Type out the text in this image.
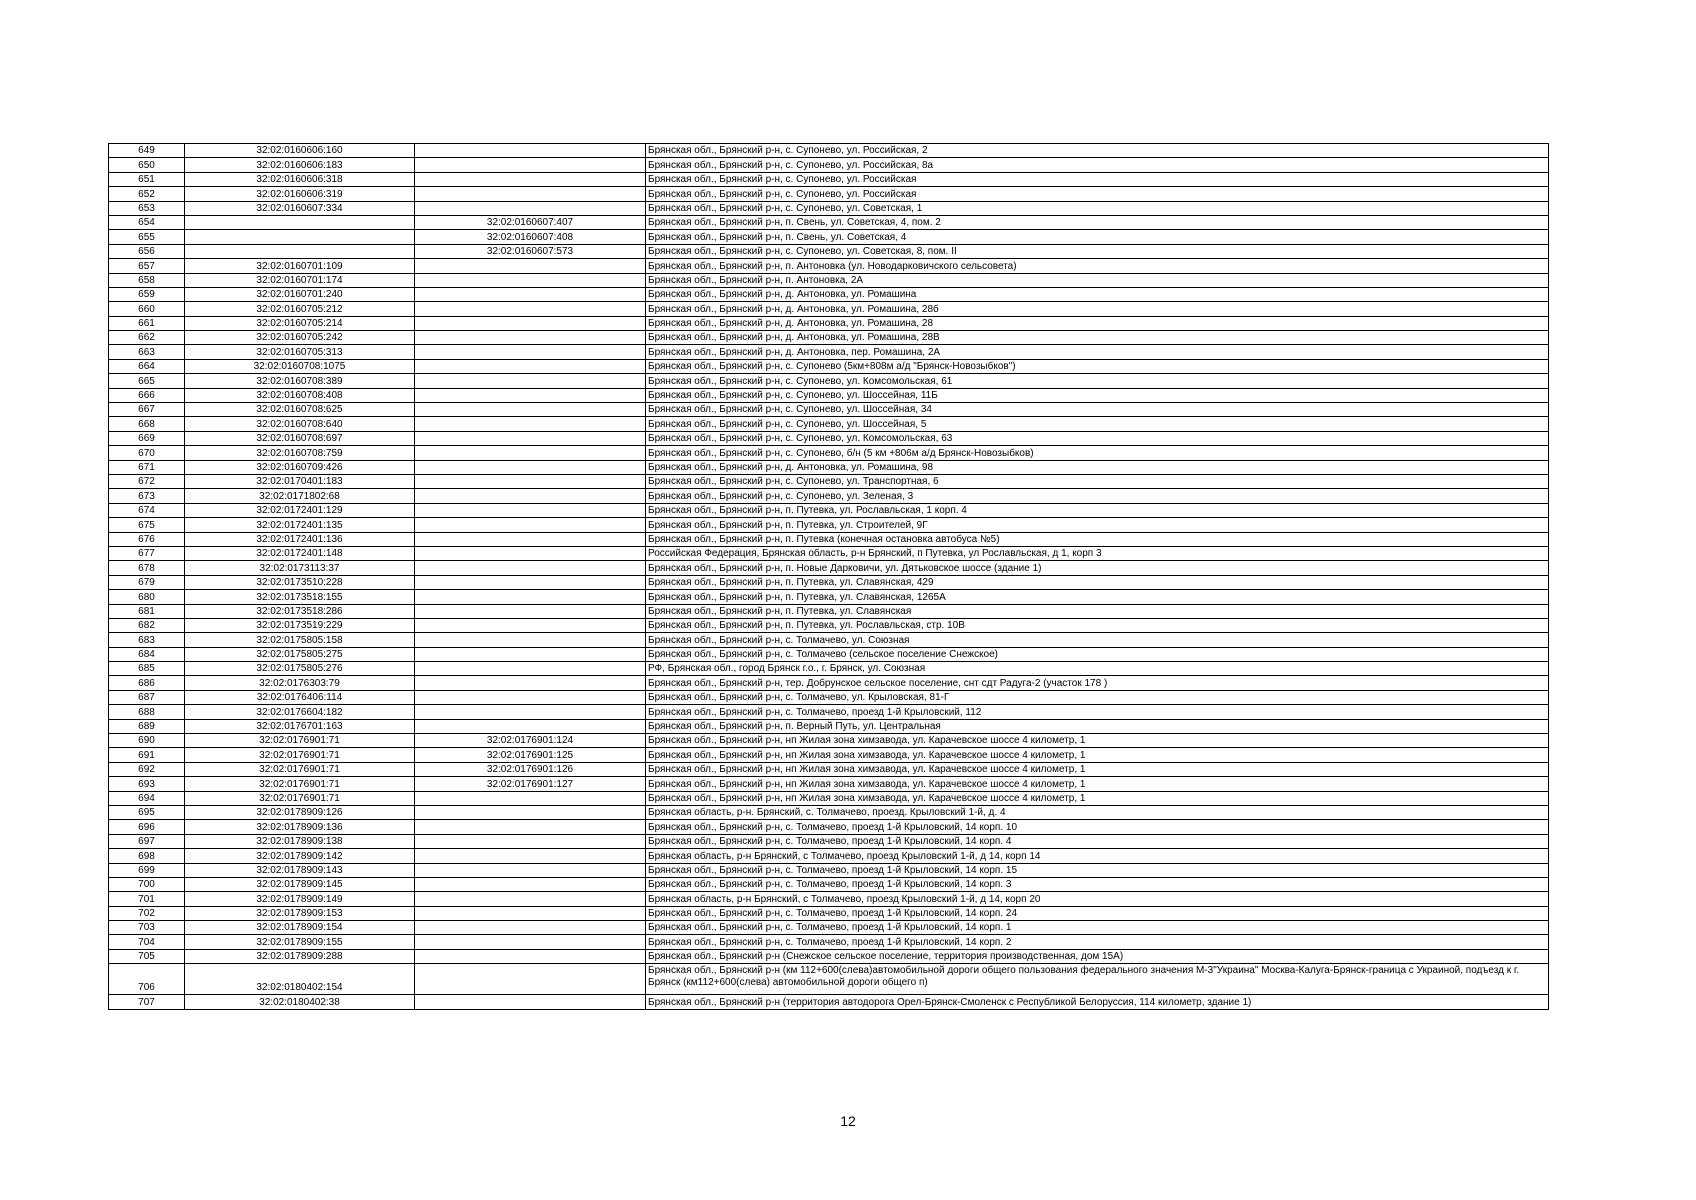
649	32:02:0160606:160		Брянская обл., Брянский р-н, с. Супонево, ул. Российская, 2
650	32:02:0160606:183		Брянская обл., Брянский р-н, с. Супонево, ул. Российская, 8а
651	32:02:0160606:318		Брянская обл., Брянский р-н, с. Супонево, ул. Российская
652	32:02:0160606:319		Брянская обл., Брянский р-н, с. Супонево, ул. Российская
653	32:02:0160607:334		Брянская обл., Брянский р-н, с. Супонево, ул. Советская, 1
654		32:02:0160607:407	Брянская обл., Брянский р-н, п. Свень, ул. Советская, 4, пом. 2
655		32:02:0160607:408	Брянская обл., Брянский р-н, п. Свень, ул. Советская, 4
656		32:02:0160607:573	Брянская обл., Брянский р-н, с. Супонево, ул. Советская, 8, пом. II
657	32:02:0160701:109		Брянская обл., Брянский р-н, п. Антоновка (ул. Новодарковичского сельсовета)
658	32:02:0160701:174		Брянская обл., Брянский р-н, п. Антоновка, 2А
659	32:02:0160701:240		Брянская обл., Брянский р-н, д. Антоновка, ул. Ромашина
660	32:02:0160705:212		Брянская обл., Брянский р-н, д. Антоновка, ул. Ромашина, 28б
661	32:02:0160705:214		Брянская обл., Брянский р-н, д. Антоновка, ул. Ромашина, 28
662	32:02:0160705:242		Брянская обл., Брянский р-н, д. Антоновка, ул. Ромашина, 28В
663	32:02:0160705:313		Брянская обл., Брянский р-н, д. Антоновка, пер. Ромашина, 2А
664	32:02:0160708:1075		Брянская обл., Брянский р-н, с. Супонево (5км+808м а/д "Брянск-Новозыбков")
665	32:02:0160708:389		Брянская обл., Брянский р-н, с. Супонево, ул. Комсомольская, 61
666	32:02:0160708:408		Брянская обл., Брянский р-н, с. Супонево, ул. Шоссейная, 11Б
667	32:02:0160708:625		Брянская обл., Брянский р-н, с. Супонево, ул. Шоссейная, 34
668	32:02:0160708:640		Брянская обл., Брянский р-н, с. Супонево, ул. Шоссейная, 5
669	32:02:0160708:697		Брянская обл., Брянский р-н, с. Супонево, ул. Комсомольская, 63
670	32:02:0160708:759		Брянская обл., Брянский р-н, с. Супонево, б/н (5 км +806м а/д Брянск-Новозыбков)
671	32:02:0160709:426		Брянская обл., Брянский р-н, д. Антоновка, ул. Ромашина, 98
672	32:02:0170401:183		Брянская обл., Брянский р-н, с. Супонево, ул. Транспортная, 6
673	32:02:0171802:68		Брянская обл., Брянский р-н, с. Супонево, ул. Зеленая, 3
674	32:02:0172401:129		Брянская обл., Брянский р-н, п. Путевка, ул. Рославльская, 1 корп. 4
675	32:02:0172401:135		Брянская обл., Брянский р-н, п. Путевка, ул. Строителей, 9Г
676	32:02:0172401:136		Брянская обл., Брянский р-н, п. Путевка (конечная остановка автобуса №5)
677	32:02:0172401:148		Российская Федерация, Брянская область, р-н Брянский, п Путевка, ул Рославльская, д 1, корп 3
678	32:02:0173113:37		Брянская обл., Брянский р-н, п. Новые Дарковичи, ул. Дятьковское шоссе (здание 1)
679	32:02:0173510:228		Брянская обл., Брянский р-н, п. Путевка, ул. Славянская, 429
680	32:02:0173518:155		Брянская обл., Брянский р-н, п. Путевка, ул. Славянская, 1265А
681	32:02:0173518:286		Брянская обл., Брянский р-н, п. Путевка, ул. Славянская
682	32:02:0173519:229		Брянская обл., Брянский р-н, п. Путевка, ул. Рославльская, стр. 10В
683	32:02:0175805:158		Брянская обл., Брянский р-н, с. Толмачево, ул. Союзная
684	32:02:0175805:275		Брянская обл., Брянский р-н, с. Толмачево (сельское поселение Снежское)
685	32:02:0175805:276		РФ, Брянская обл., город Брянск г.о., г. Брянск, ул. Союзная
686	32:02:0176303:79		Брянская обл., Брянский р-н, тер. Добрунское сельское поселение, снт сдт Радуга-2 (участок 178 )
687	32:02:0176406:114		Брянская обл., Брянский р-н, с. Толмачево, ул. Крыловская, 81-Г
688	32:02:0176604:182		Брянская обл., Брянский р-н, с. Толмачево, проезд 1-й Крыловский, 112
689	32:02:0176701:163		Брянская обл., Брянский р-н, п. Верный Путь, ул. Центральная
690	32:02:0176901:71	32:02:0176901:124	Брянская обл., Брянский р-н, нп Жилая зона химзавода, ул. Карачевское шоссе 4 километр, 1
691	32:02:0176901:71	32:02:0176901:125	Брянская обл., Брянский р-н, нп Жилая зона химзавода, ул. Карачевское шоссе 4 километр, 1
692	32:02:0176901:71	32:02:0176901:126	Брянская обл., Брянский р-н, нп Жилая зона химзавода, ул. Карачевское шоссе 4 километр, 1
693	32:02:0176901:71	32:02:0176901:127	Брянская обл., Брянский р-н, нп Жилая зона химзавода, ул. Карачевское шоссе 4 километр, 1
694	32:02:0176901:71		Брянская обл., Брянский р-н, нп Жилая зона химзавода, ул. Карачевское шоссе 4 километр, 1
695	32:02:0178909:126		Брянская область, р-н. Брянский, с. Толмачево, проезд. Крыловский 1-й, д. 4
696	32:02:0178909:136		Брянская обл., Брянский р-н, с. Толмачево, проезд 1-й Крыловский, 14 корп. 10
697	32:02:0178909:138		Брянская обл., Брянский р-н, с. Толмачево, проезд 1-й Крыловский, 14 корп. 4
698	32:02:0178909:142		Брянская область, р-н Брянский, с Толмачево, проезд Крыловский 1-й, д 14, корп 14
699	32:02:0178909:143		Брянская обл., Брянский р-н, с. Толмачево, проезд 1-й Крыловский, 14 корп. 15
700	32:02:0178909:145		Брянская обл., Брянский р-н, с. Толмачево, проезд 1-й Крыловский, 14 корп. 3
701	32:02:0178909:149		Брянская область, р-н Брянский, с Толмачево, проезд Крыловский 1-й, д 14, корп 20
702	32:02:0178909:153		Брянская обл., Брянский р-н, с. Толмачево, проезд 1-й Крыловский, 14 корп. 24
703	32:02:0178909:154		Брянская обл., Брянский р-н, с. Толмачево, проезд 1-й Крыловский, 14 корп. 1
704	32:02:0178909:155		Брянская обл., Брянский р-н, с. Толмачево, проезд 1-й Крыловский, 14 корп. 2
705	32:02:0178909:288		Брянская обл., Брянский р-н (Снежское сельское поселение, территория производственная, дом 15А)
706	32:02:0180402:154		Брянская обл., Брянский р-н (км 112+600(слева)автомобильной дороги общего пользования федерального значения М-3"Украина" Москва-Калуга-Брянск-граница с Украиной, подъезд к г. Брянск (км112+600(слева) автомобильной дороги общего п)
707	32:02:0180402:38		Брянская обл., Брянский р-н (территория автодорога Орел-Брянск-Смоленск с Республикой Белоруссия, 114 километр, здание 1)
12
